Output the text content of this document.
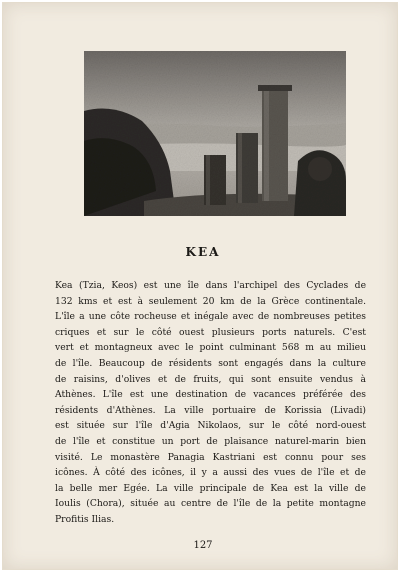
KEA
Kea (Tzia, Keos) est une île dans l'archipel des Cyclades de
132 kms et est à seulement 20 km de la Grèce continentale.
L'île a une côte rocheuse et inégale avec de nombreuses petites
criques et sur le côté ouest plusieurs ports naturels. C'est
vert et montagneux avec le point culminant 568 m au milieu
de l'île. Beaucoup de résidents sont engagés dans la culture
de raisins, d'olives et de fruits, qui sont ensuite vendus à
Athènes. L'île est une destination de vacances préférée des
résidents d'Athènes. La ville portuaire de Korissia (Livadi)
est située sur l'île d'Agia Nikolaos, sur le côté nord-ouest
de l'île et constitue un port de plaisance naturel-marin bien
visité. Le monastère Panagia Kastriani est connu pour ses
icônes. À côté des icônes, il y a aussi des vues de l'île et de
la belle mer Egée. La ville principale de Kea est la ville de
Ioulis (Chora), située au centre de l'île de la petite montagne
Profitis Ilias.
127
